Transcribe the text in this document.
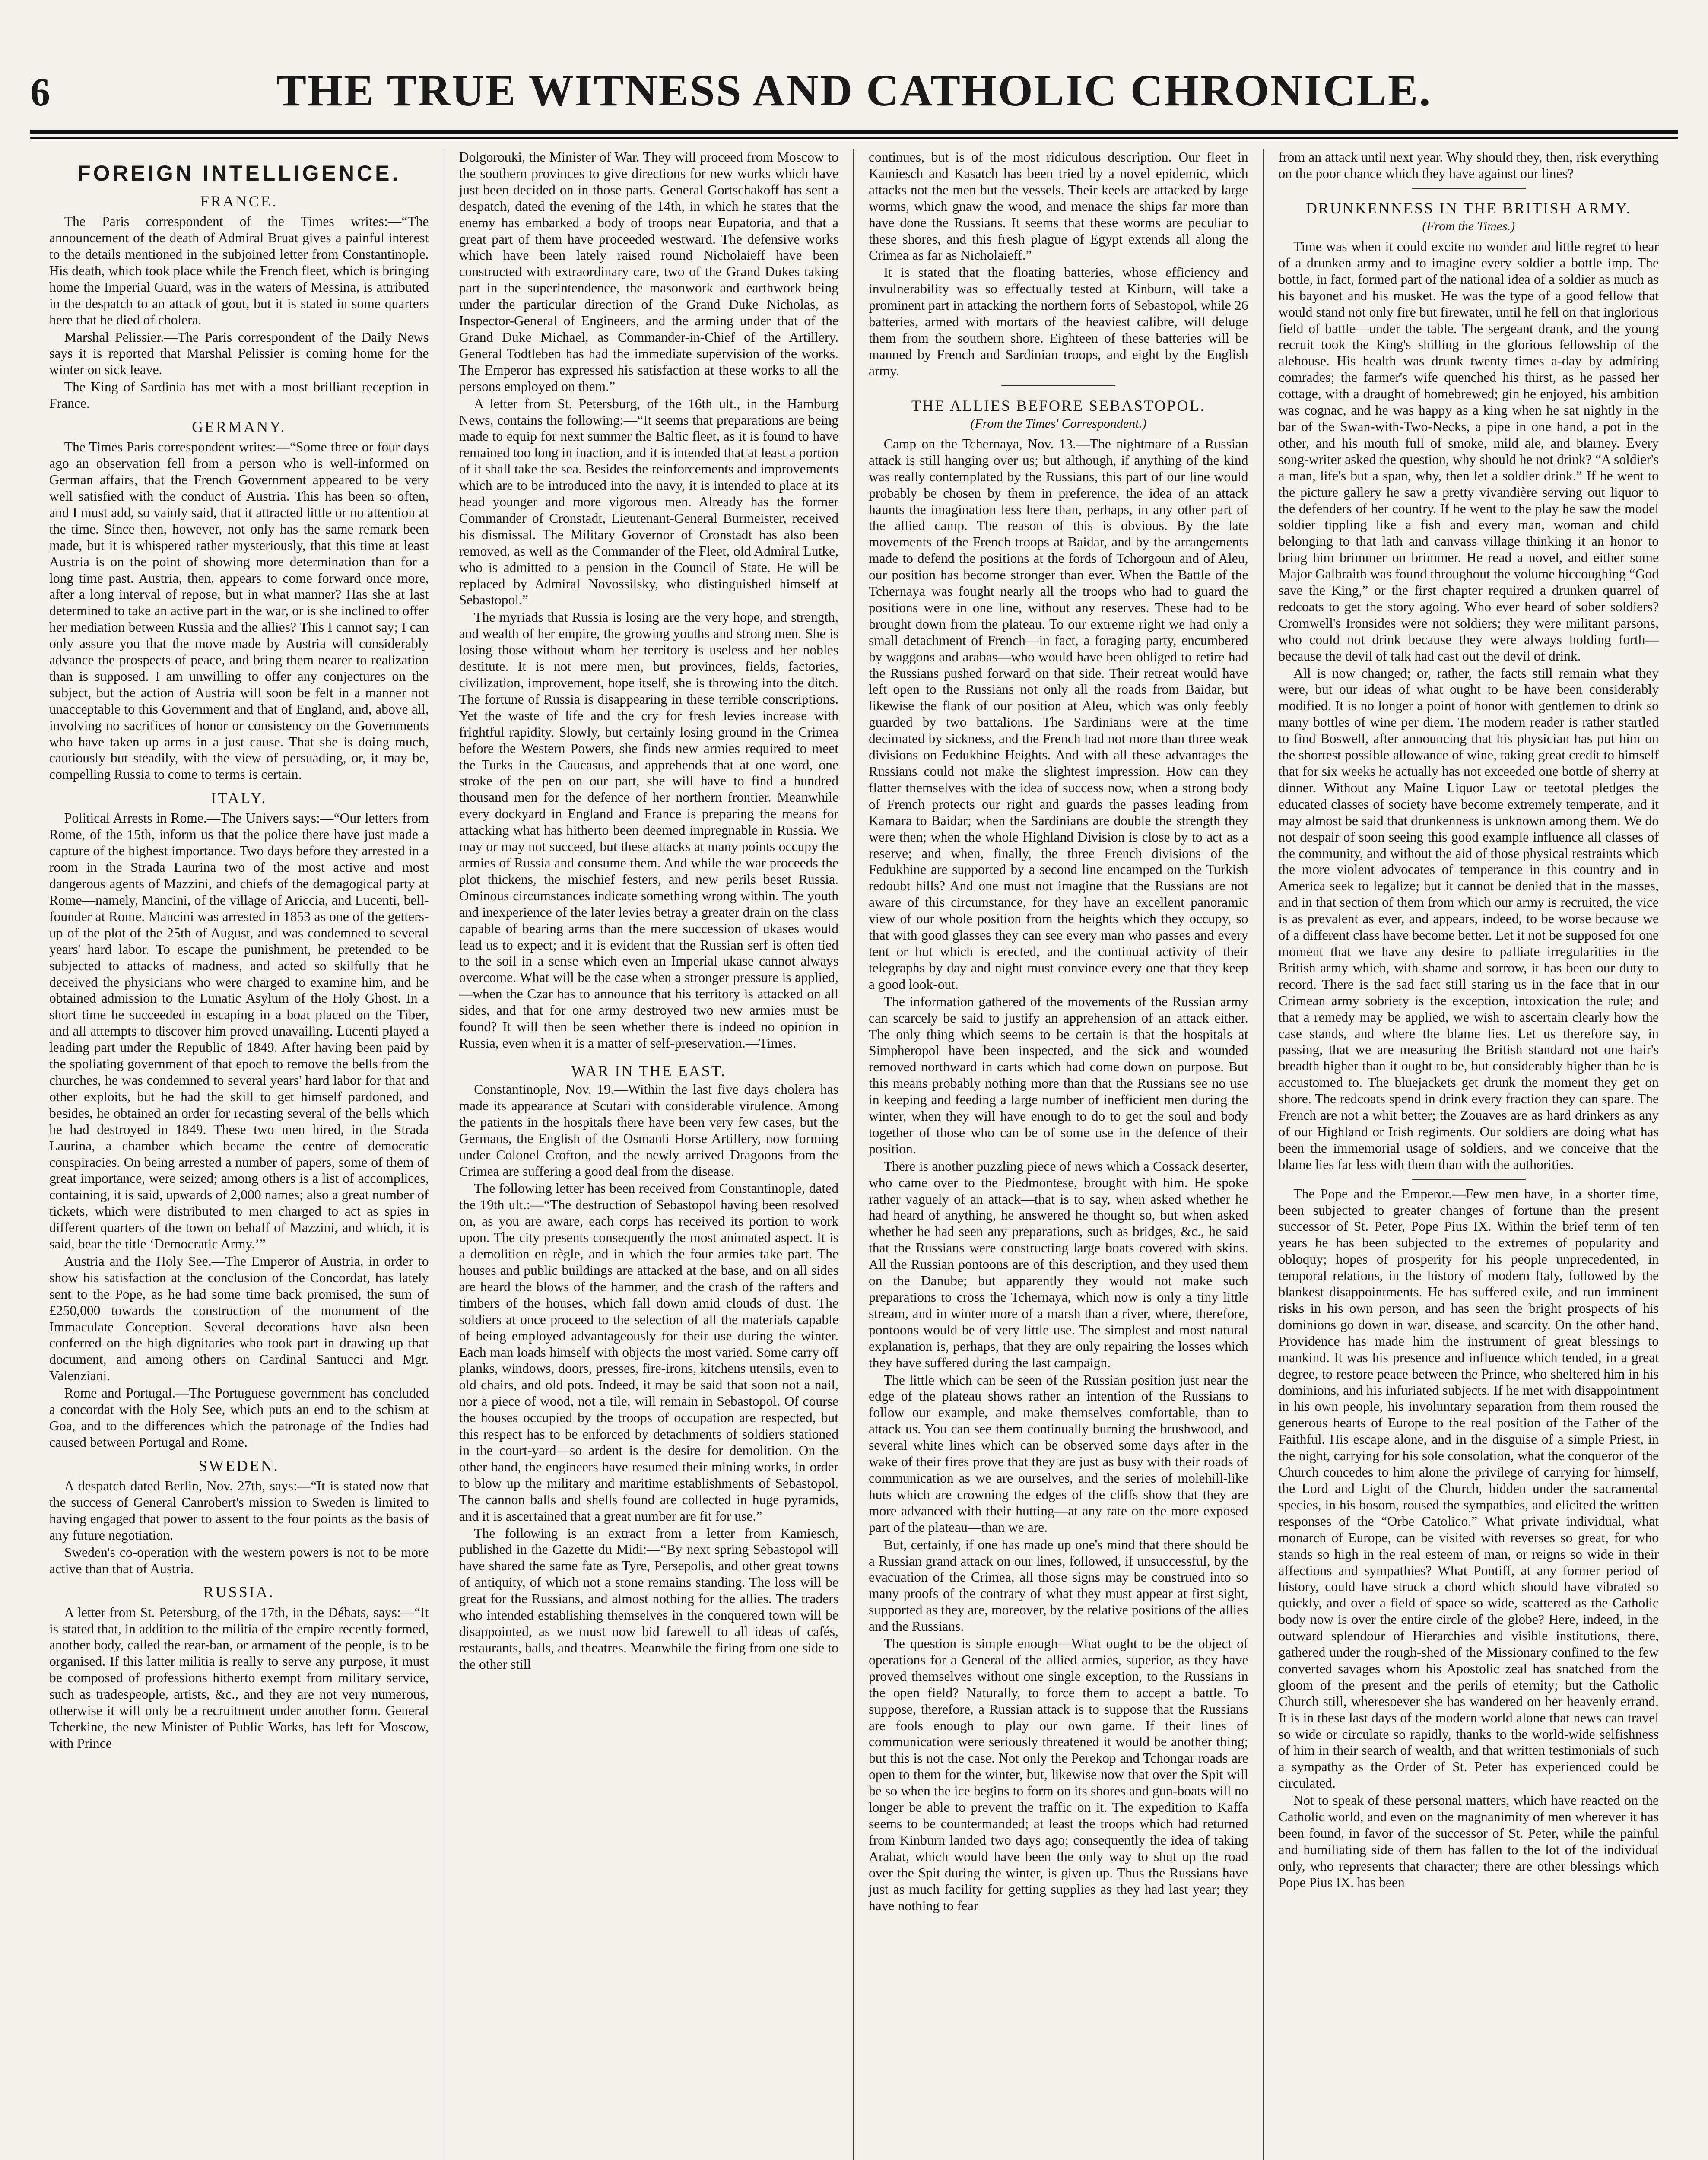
6	THE TRUE WITNESS AND CATHOLIC CHRONICLE.
FOREIGN INTELLIGENCE.
FRANCE.

The Paris correspondent of the Times writes:—“The announcement of the death of Admiral Bruat gives a painful interest to the details mentioned in the subjoined letter from Constantinople. His death, which took place while the French fleet, which is bringing home the Imperial Guard, was in the waters of Messina, is attributed in the despatch to an attack of gout, but it is stated in some quarters here that he died of cholera.

Marshal Pelissier.—The Paris correspondent of the Daily News says it is reported that Marshal Pelissier is coming home for the winter on sick leave.

The King of Sardinia has met with a most brilliant reception in France.

GERMANY.

The Times Paris correspondent writes:—“Some three or four days ago an observation fell from a person who is well-informed on German affairs, that the French Government appeared to be very well satisfied with the conduct of Austria. This has been so often, and I must add, so vainly said, that it attracted little or no attention at the time. Since then, however, not only has the same remark been made, but it is whispered rather mysteriously, that this time at least Austria is on the point of showing more determination than for a long time past. Austria, then, appears to come forward once more, after a long interval of repose, but in what manner? Has she at last determined to take an active part in the war, or is she inclined to offer her mediation between Russia and the allies? This I cannot say; I can only assure you that the move made by Austria will considerably advance the prospects of peace, and bring them nearer to realization than is supposed. I am unwilling to offer any conjectures on the subject, but the action of Austria will soon be felt in a manner not unacceptable to this Government and that of England, and, above all, involving no sacrifices of honor or consistency on the Governments who have taken up arms in a just cause. That she is doing much, cautiously but steadily, with the view of persuading, or, it may be, compelling Russia to come to terms is certain.

ITALY.

Political Arrests in Rome.—The Univers says:—“Our letters from Rome, of the 15th, inform us that the police there have just made a capture of the highest importance. Two days before they arrested in a room in the Strada Laurina two of the most active and most dangerous agents of Mazzini, and chiefs of the demagogical party at Rome—namely, Mancini, of the village of Ariccia, and Lucenti, bell-founder at Rome. Mancini was arrested in 1853 as one of the getters-up of the plot of the 25th of August, and was condemned to several years' hard labor. To escape the punishment, he pretended to be subjected to attacks of madness, and acted so skilfully that he deceived the physicians who were charged to examine him, and he obtained admission to the Lunatic Asylum of the Holy Ghost. In a short time he succeeded in escaping in a boat placed on the Tiber, and all attempts to discover him proved unavailing. Lucenti played a leading part under the Republic of 1849. After having been paid by the spoliating government of that epoch to remove the bells from the churches, he was condemned to several years' hard labor for that and other exploits, but he had the skill to get himself pardoned, and besides, he obtained an order for recasting several of the bells which he had destroyed in 1849. These two men hired, in the Strada Laurina, a chamber which became the centre of democratic conspiracies. On being arrested a number of papers, some of them of great importance, were seized; among others is a list of accomplices, containing, it is said, upwards of 2,000 names; also a great number of tickets, which were distributed to men charged to act as spies in different quarters of the town on behalf of Mazzini, and which, it is said, bear the title ‘Democratic Army.’”

Austria and the Holy See.—The Emperor of Austria, in order to show his satisfaction at the conclusion of the Concordat, has lately sent to the Pope, as he had some time back promised, the sum of £250,000 towards the construction of the monument of the Immaculate Conception. Several decorations have also been conferred on the high dignitaries who took part in drawing up that document, and among others on Cardinal Santucci and Mgr. Valenziani.

Rome and Portugal.—The Portuguese government has concluded a concordat with the Holy See, which puts an end to the schism at Goa, and to the differences which the patronage of the Indies had caused between Portugal and Rome.

SWEDEN.

A despatch dated Berlin, Nov. 27th, says:—“It is stated now that the success of General Canrobert's mission to Sweden is limited to having engaged that power to assent to the four points as the basis of any future negotiation.

Sweden's co-operation with the western powers is not to be more active than that of Austria.

RUSSIA.

A letter from St. Petersburg, of the 17th, in the Débats, says:—“It is stated that, in addition to the militia of the empire recently formed, another body, called the rear-ban, or armament of the people, is to be organised. If this latter militia is really to serve any purpose, it must be composed of professions hitherto exempt from military service, such as tradespeople, artists, &c., and they are not very numerous, otherwise it will only be a recruitment under another form. General Tcherkine, the new Minister of Public Works, has left for Moscow, with Prince

Dolgorouki, the Minister of War. They will proceed from Moscow to the southern provinces to give directions for new works which have just been decided on in those parts. General Gortschakoff has sent a despatch, dated the evening of the 14th, in which he states that the enemy has embarked a body of troops near Eupatoria, and that a great part of them have proceeded westward. The defensive works which have been lately raised round Nicholaieff have been constructed with extraordinary care, two of the Grand Dukes taking part in the superintendence, the masonwork and earthwork being under the particular direction of the Grand Duke Nicholas, as Inspector-General of Engineers, and the arming under that of the Grand Duke Michael, as Commander-in-Chief of the Artillery. General Todtleben has had the immediate supervision of the works. The Emperor has expressed his satisfaction at these works to all the persons employed on them.”

A letter from St. Petersburg, of the 16th ult., in the Hamburg News, contains the following:—“It seems that preparations are being made to equip for next summer the Baltic fleet, as it is found to have remained too long in inaction, and it is intended that at least a portion of it shall take the sea. Besides the reinforcements and improvements which are to be introduced into the navy, it is intended to place at its head younger and more vigorous men. Already has the former Commander of Cronstadt, Lieutenant-General Burmeister, received his dismissal. The Military Governor of Cronstadt has also been removed, as well as the Commander of the Fleet, old Admiral Lutke, who is admitted to a pension in the Council of State. He will be replaced by Admiral Novossilsky, who distinguished himself at Sebastopol.”

The myriads that Russia is losing are the very hope, and strength, and wealth of her empire, the growing youths and strong men. She is losing those without whom her territory is useless and her nobles destitute. It is not mere men, but provinces, fields, factories, civilization, improvement, hope itself, she is throwing into the ditch. The fortune of Russia is disappearing in these terrible conscriptions. Yet the waste of life and the cry for fresh levies increase with frightful rapidity. Slowly, but certainly losing ground in the Crimea before the Western Powers, she finds new armies required to meet the Turks in the Caucasus, and apprehends that at one word, one stroke of the pen on our part, she will have to find a hundred thousand men for the defence of her northern frontier. Meanwhile every dockyard in England and France is preparing the means for attacking what has hitherto been deemed impregnable in Russia. We may or may not succeed, but these attacks at many points occupy the armies of Russia and consume them. And while the war proceeds the plot thickens, the mischief festers, and new perils beset Russia. Ominous circumstances indicate something wrong within. The youth and inexperience of the later levies betray a greater drain on the class capable of bearing arms than the mere succession of ukases would lead us to expect; and it is evident that the Russian serf is often tied to the soil in a sense which even an Imperial ukase cannot always overcome. What will be the case when a stronger pressure is applied,—when the Czar has to announce that his territory is attacked on all sides, and that for one army destroyed two new armies must be found? It will then be seen whether there is indeed no opinion in Russia, even when it is a matter of self-preservation.—Times.

WAR IN THE EAST.

Constantinople, Nov. 19.—Within the last five days cholera has made its appearance at Scutari with considerable virulence. Among the patients in the hospitals there have been very few cases, but the Germans, the English of the Osmanli Horse Artillery, now forming under Colonel Crofton, and the newly arrived Dragoons from the Crimea are suffering a good deal from the disease.

The following letter has been received from Constantinople, dated the 19th ult.:—“The destruction of Sebastopol having been resolved on, as you are aware, each corps has received its portion to work upon. The city presents consequently the most animated aspect. It is a demolition en règle, and in which the four armies take part. The houses and public buildings are attacked at the base, and on all sides are heard the blows of the hammer, and the crash of the rafters and timbers of the houses, which fall down amid clouds of dust. The soldiers at once proceed to the selection of all the materials capable of being employed advantageously for their use during the winter. Each man loads himself with objects the most varied. Some carry off planks, windows, doors, presses, fire-irons, kitchens utensils, even to old chairs, and old pots. Indeed, it may be said that soon not a nail, nor a piece of wood, not a tile, will remain in Sebastopol. Of course the houses occupied by the troops of occupation are respected, but this respect has to be enforced by detachments of soldiers stationed in the court-yard—so ardent is the desire for demolition. On the other hand, the engineers have resumed their mining works, in order to blow up the military and maritime establishments of Sebastopol. The cannon balls and shells found are collected in huge pyramids, and it is ascertained that a great number are fit for use.”

The following is an extract from a letter from Kamiesch, published in the Gazette du Midi:—“By next spring Sebastopol will have shared the same fate as Tyre, Persepolis, and other great towns of antiquity, of which not a stone remains standing. The loss will be great for the Russians, and almost nothing for the allies. The traders who intended establishing themselves in the conquered town will be disappointed, as we must now bid farewell to all ideas of cafés, restaurants, balls, and theatres. Meanwhile the firing from one side to the other still

continues, but is of the most ridiculous description. Our fleet in Kamiesch and Kasatch has been tried by a novel epidemic, which attacks not the men but the vessels. Their keels are attacked by large worms, which gnaw the wood, and menace the ships far more than have done the Russians. It seems that these worms are peculiar to these shores, and this fresh plague of Egypt extends all along the Crimea as far as Nicholaieff.”

It is stated that the floating batteries, whose efficiency and invulnerability was so effectually tested at Kinburn, will take a prominent part in attacking the northern forts of Sebastopol, while 26 batteries, armed with mortars of the heaviest calibre, will deluge them from the southern shore. Eighteen of these batteries will be manned by French and Sardinian troops, and eight by the English army.

THE ALLIES BEFORE SEBASTOPOL.
(From the Times' Correspondent.)

Camp on the Tchernaya, Nov. 13.—The nightmare of a Russian attack is still hanging over us; but although, if anything of the kind was really contemplated by the Russians, this part of our line would probably be chosen by them in preference, the idea of an attack haunts the imagination less here than, perhaps, in any other part of the allied camp. The reason of this is obvious. By the late movements of the French troops at Baidar, and by the arrangements made to defend the positions at the fords of Tchorgoun and of Aleu, our position has become stronger than ever. When the Battle of the Tchernaya was fought nearly all the troops who had to guard the positions were in one line, without any reserves. These had to be brought down from the plateau. To our extreme right we had only a small detachment of French—in fact, a foraging party, encumbered by waggons and arabas—who would have been obliged to retire had the Russians pushed forward on that side. Their retreat would have left open to the Russians not only all the roads from Baidar, but likewise the flank of our position at Aleu, which was only feebly guarded by two battalions. The Sardinians were at the time decimated by sickness, and the French had not more than three weak divisions on Fedukhine Heights. And with all these advantages the Russians could not make the slightest impression. How can they flatter themselves with the idea of success now, when a strong body of French protects our right and guards the passes leading from Kamara to Baidar; when the Sardinians are double the strength they were then; when the whole Highland Division is close by to act as a reserve; and when, finally, the three French divisions of the Fedukhine are supported by a second line encamped on the Turkish redoubt hills? And one must not imagine that the Russians are not aware of this circumstance, for they have an excellent panoramic view of our whole position from the heights which they occupy, so that with good glasses they can see every man who passes and every tent or hut which is erected, and the continual activity of their telegraphs by day and night must convince every one that they keep a good look-out.

The information gathered of the movements of the Russian army can scarcely be said to justify an apprehension of an attack either. The only thing which seems to be certain is that the hospitals at Simpheropol have been inspected, and the sick and wounded removed northward in carts which had come down on purpose. But this means probably nothing more than that the Russians see no use in keeping and feeding a large number of inefficient men during the winter, when they will have enough to do to get the soul and body together of those who can be of some use in the defence of their position.

There is another puzzling piece of news which a Cossack deserter, who came over to the Piedmontese, brought with him. He spoke rather vaguely of an attack—that is to say, when asked whether he had heard of anything, he answered he thought so, but when asked whether he had seen any preparations, such as bridges, &c., he said that the Russians were constructing large boats covered with skins. All the Russian pontoons are of this description, and they used them on the Danube; but apparently they would not make such preparations to cross the Tchernaya, which now is only a tiny little stream, and in winter more of a marsh than a river, where, therefore, pontoons would be of very little use. The simplest and most natural explanation is, perhaps, that they are only repairing the losses which they have suffered during the last campaign.

The little which can be seen of the Russian position just near the edge of the plateau shows rather an intention of the Russians to follow our example, and make themselves comfortable, than to attack us. You can see them continually burning the brushwood, and several white lines which can be observed some days after in the wake of their fires prove that they are just as busy with their roads of communication as we are ourselves, and the series of molehill-like huts which are crowning the edges of the cliffs show that they are more advanced with their hutting—at any rate on the more exposed part of the plateau—than we are.

But, certainly, if one has made up one's mind that there should be a Russian grand attack on our lines, followed, if unsuccessful, by the evacuation of the Crimea, all those signs may be construed into so many proofs of the contrary of what they must appear at first sight, supported as they are, moreover, by the relative positions of the allies and the Russians.

The question is simple enough—What ought to be the object of operations for a General of the allied armies, superior, as they have proved themselves without one single exception, to the Russians in the open field? Naturally, to force them to accept a battle. To suppose, therefore, a Russian attack is to suppose that the Russians are fools enough to play our own game. If their lines of communication were seriously threatened it would be another thing; but this is not the case. Not only the Perekop and Tchongar roads are open to them for the winter, but, likewise now that over the Spit will be so when the ice begins to form on its shores and gun-boats will no longer be able to prevent the traffic on it. The expedition to Kaffa seems to be countermanded; at least the troops which had returned from Kinburn landed two days ago; consequently the idea of taking Arabat, which would have been the only way to shut up the road over the Spit during the winter, is given up. Thus the Russians have just as much facility for getting supplies as they had last year; they have nothing to fear

from an attack until next year. Why should they, then, risk everything on the poor chance which they have against our lines?

DRUNKENNESS IN THE BRITISH ARMY.
(From the Times.)

Time was when it could excite no wonder and little regret to hear of a drunken army and to imagine every soldier a bottle imp. The bottle, in fact, formed part of the national idea of a soldier as much as his bayonet and his musket. He was the type of a good fellow that would stand not only fire but firewater, until he fell on that inglorious field of battle—under the table. The sergeant drank, and the young recruit took the King's shilling in the glorious fellowship of the alehouse. His health was drunk twenty times a-day by admiring comrades; the farmer's wife quenched his thirst, as he passed her cottage, with a draught of homebrewed; gin he enjoyed, his ambition was cognac, and he was happy as a king when he sat nightly in the bar of the Swan-with-Two-Necks, a pipe in one hand, a pot in the other, and his mouth full of smoke, mild ale, and blarney. Every song-writer asked the question, why should he not drink? “A soldier's a man, life's but a span, why, then let a soldier drink.” If he went to the picture gallery he saw a pretty vivandière serving out liquor to the defenders of her country. If he went to the play he saw the model soldier tippling like a fish and every man, woman and child belonging to that lath and canvass village thinking it an honor to bring him brimmer on brimmer. He read a novel, and either some Major Galbraith was found throughout the volume hiccoughing “God save the King,” or the first chapter required a drunken quarrel of redcoats to get the story agoing. Who ever heard of sober soldiers? Cromwell's Ironsides were not soldiers; they were militant parsons, who could not drink because they were always holding forth—because the devil of talk had cast out the devil of drink.

All is now changed; or, rather, the facts still remain what they were, but our ideas of what ought to be have been considerably modified. It is no longer a point of honor with gentlemen to drink so many bottles of wine per diem. The modern reader is rather startled to find Boswell, after announcing that his physician has put him on the shortest possible allowance of wine, taking great credit to himself that for six weeks he actually has not exceeded one bottle of sherry at dinner. Without any Maine Liquor Law or teetotal pledges the educated classes of society have become extremely temperate, and it may almost be said that drunkenness is unknown among them. We do not despair of soon seeing this good example influence all classes of the community, and without the aid of those physical restraints which the more violent advocates of temperance in this country and in America seek to legalize; but it cannot be denied that in the masses, and in that section of them from which our army is recruited, the vice is as prevalent as ever, and appears, indeed, to be worse because we of a different class have become better. Let it not be supposed for one moment that we have any desire to palliate irregularities in the British army which, with shame and sorrow, it has been our duty to record. There is the sad fact still staring us in the face that in our Crimean army sobriety is the exception, intoxication the rule; and that a remedy may be applied, we wish to ascertain clearly how the case stands, and where the blame lies. Let us therefore say, in passing, that we are measuring the British standard not one hair's breadth higher than it ought to be, but considerably higher than he is accustomed to. The bluejackets get drunk the moment they get on shore. The redcoats spend in drink every fraction they can spare. The French are not a whit better; the Zouaves are as hard drinkers as any of our Highland or Irish regiments. Our soldiers are doing what has been the immemorial usage of soldiers, and we conceive that the blame lies far less with them than with the authorities.

The Pope and the Emperor.—Few men have, in a shorter time, been subjected to greater changes of fortune than the present successor of St. Peter, Pope Pius IX. Within the brief term of ten years he has been subjected to the extremes of popularity and obloquy; hopes of prosperity for his people unprecedented, in temporal relations, in the history of modern Italy, followed by the blankest disappointments. He has suffered exile, and run imminent risks in his own person, and has seen the bright prospects of his dominions go down in war, disease, and scarcity. On the other hand, Providence has made him the instrument of great blessings to mankind. It was his presence and influence which tended, in a great degree, to restore peace between the Prince, who sheltered him in his dominions, and his infuriated subjects. If he met with disappointment in his own people, his involuntary separation from them roused the generous hearts of Europe to the real position of the Father of the Faithful. His escape alone, and in the disguise of a simple Priest, in the night, carrying for his sole consolation, what the conqueror of the Church concedes to him alone the privilege of carrying for himself, the Lord and Light of the Church, hidden under the sacramental species, in his bosom, roused the sympathies, and elicited the written responses of the “Orbe Catolico.” What private individual, what monarch of Europe, can be visited with reverses so great, for who stands so high in the real esteem of man, or reigns so wide in their affections and sympathies? What Pontiff, at any former period of history, could have struck a chord which should have vibrated so quickly, and over a field of space so wide, scattered as the Catholic body now is over the entire circle of the globe? Here, indeed, in the outward splendour of Hierarchies and visible institutions, there, gathered under the rough-shed of the Missionary confined to the few converted savages whom his Apostolic zeal has snatched from the gloom of the present and the perils of eternity; but the Catholic Church still, wheresoever she has wandered on her heavenly errand. It is in these last days of the modern world alone that news can travel so wide or circulate so rapidly, thanks to the world-wide selfishness of him in their search of wealth, and that written testimonials of such a sympathy as the Order of St. Peter has experienced could be circulated.

Not to speak of these personal matters, which have reacted on the Catholic world, and even on the magnanimity of men wherever it has been found, in favor of the successor of St. Peter, while the painful and humiliating side of them has fallen to the lot of the individual only, who represents that character; there are other blessings which Pope Pius IX. has been
